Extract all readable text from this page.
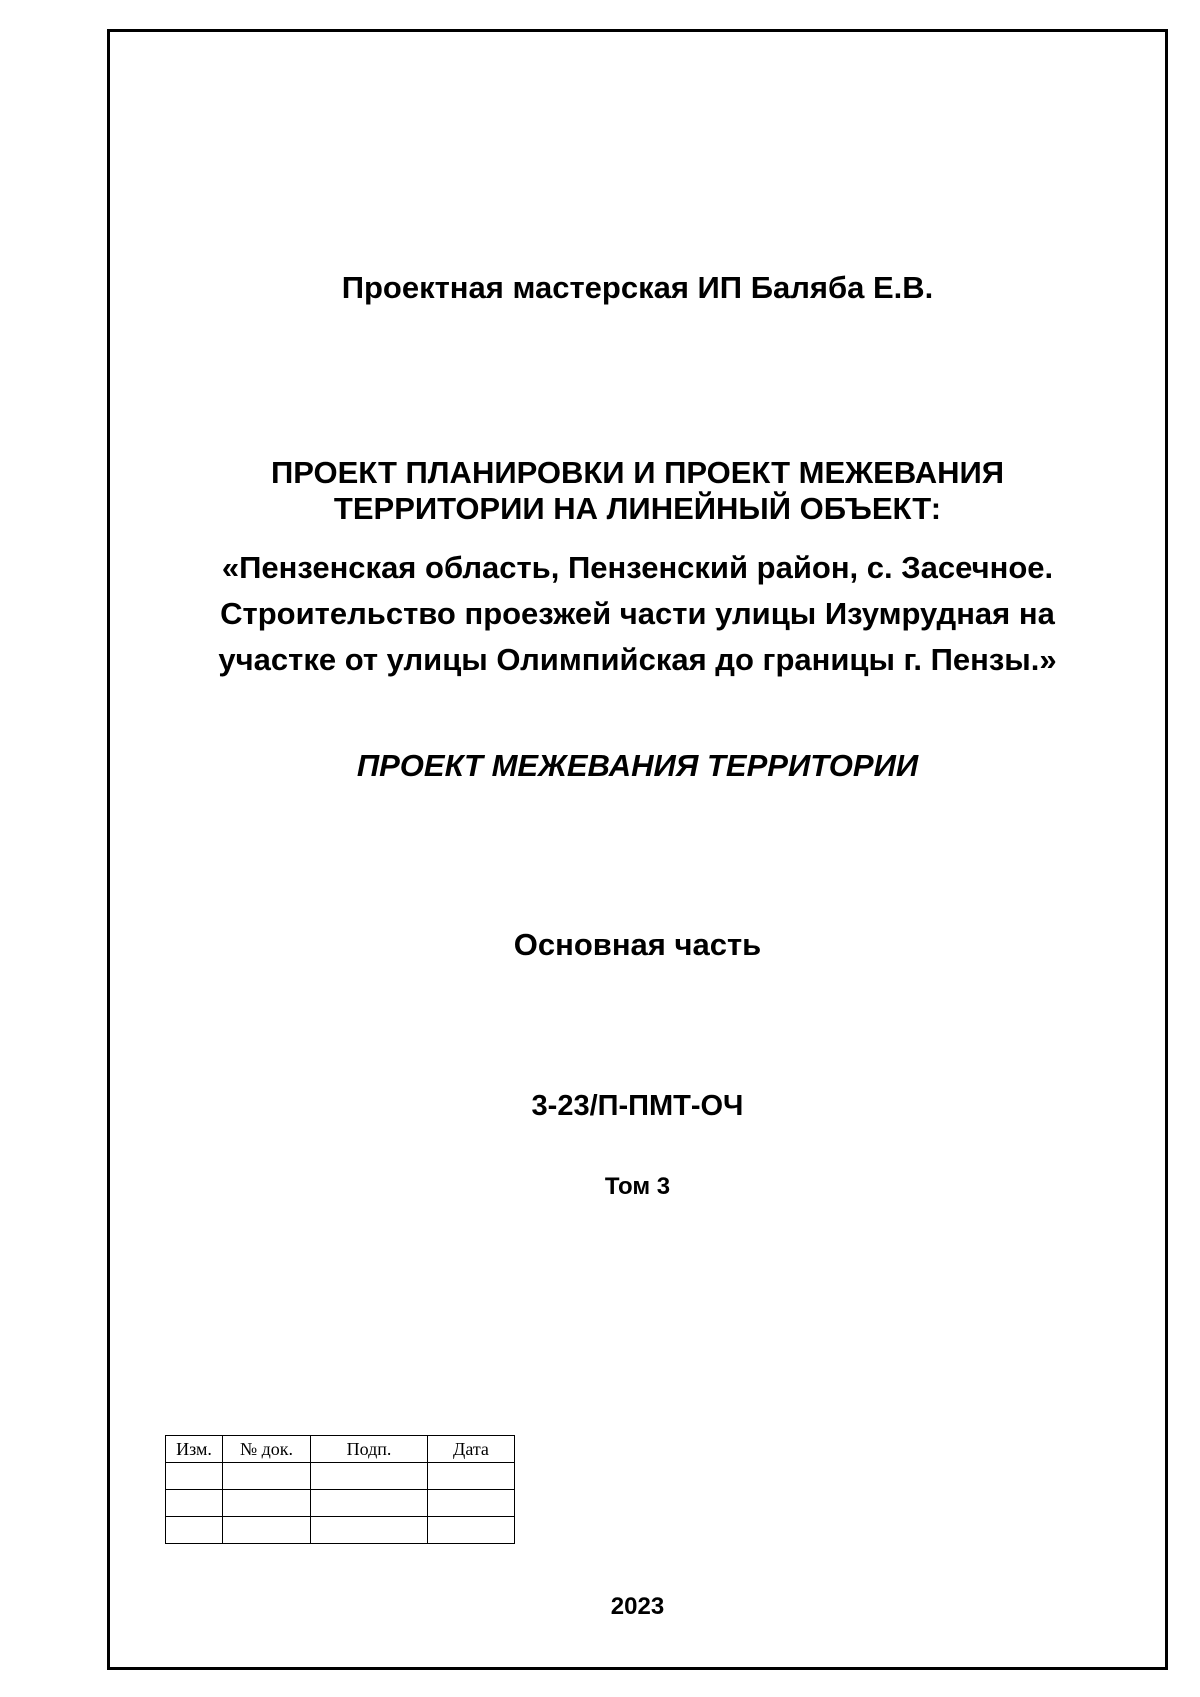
Проектная мастерская ИП Баляба Е.В.
ПРОЕКТ ПЛАНИРОВКИ И ПРОЕКТ МЕЖЕВАНИЯ
ТЕРРИТОРИИ НА ЛИНЕЙНЫЙ ОБЪЕКТ:
«Пензенская область, Пензенский район, с. Засечное.
Строительство проезжей части улицы Изумрудная на
участке от улицы Олимпийская до границы г. Пензы.»
ПРОЕКТ МЕЖЕВАНИЯ ТЕРРИТОРИИ
Основная часть
3-23/П-ПМТ-ОЧ
Том 3
Изм.	№ док.	Подп.	Дата

2023
